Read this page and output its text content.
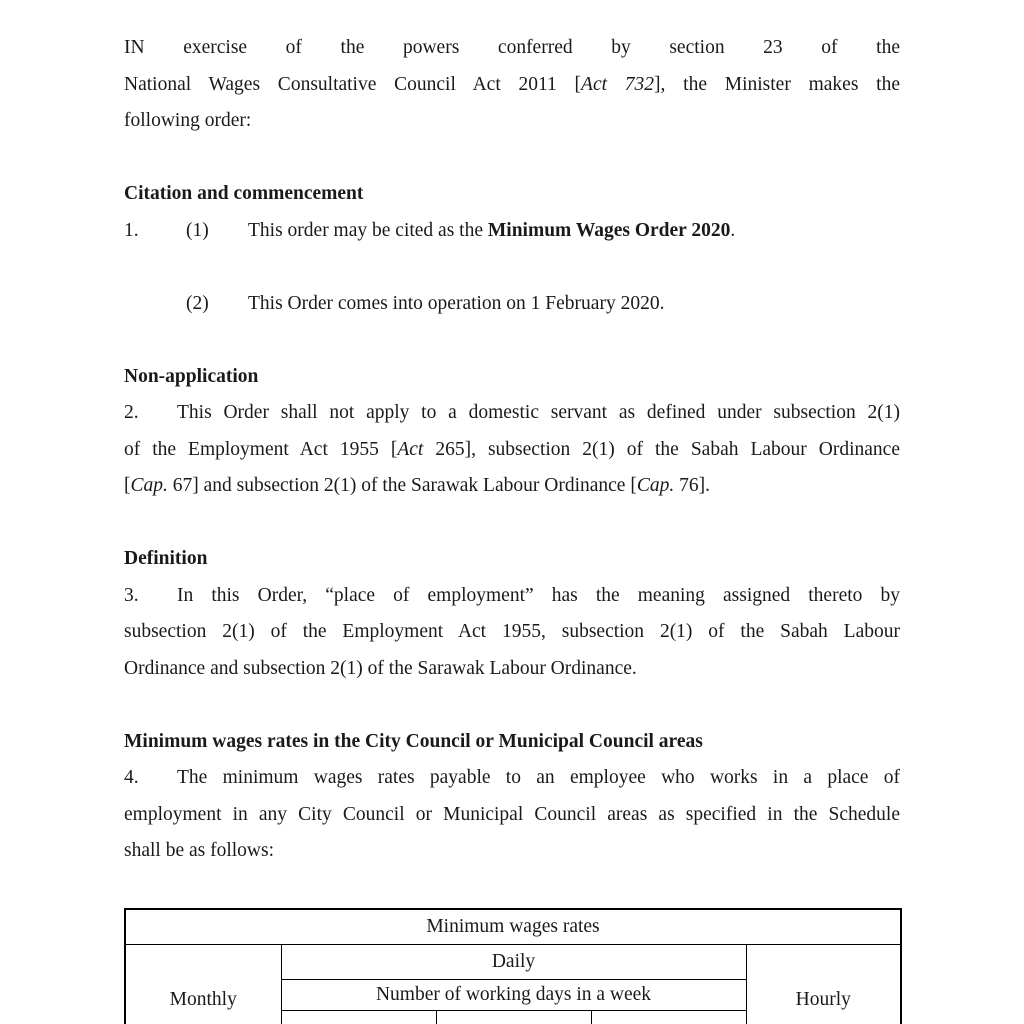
IN exercise of the powers conferred by section 23 of the
National Wages Consultative Council Act 2011 [Act 732], the Minister makes the
following order:
Citation and commencement
1. (1) This order may be cited as the Minimum Wages Order 2020.
(2) This Order comes into operation on 1 February 2020.
Non-application
2. This Order shall not apply to a domestic servant as defined under subsection 2(1)
of the Employment Act 1955 [Act 265], subsection 2(1) of the Sabah Labour Ordinance
[Cap. 67] and subsection 2(1) of the Sarawak Labour Ordinance [Cap. 76].
Definition
3. In this Order, “place of employment” has the meaning assigned thereto by
subsection 2(1) of the Employment Act 1955, subsection 2(1) of the Sabah Labour
Ordinance and subsection 2(1) of the Sarawak Labour Ordinance.
Minimum wages rates in the City Council or Municipal Council areas
4. The minimum wages rates payable to an employee who works in a place of
employment in any City Council or Municipal Council areas as specified in the Schedule
shall be as follows:
Minimum wages rates				
Monthly	Daily			Hourly
	Number of working days in a week			
